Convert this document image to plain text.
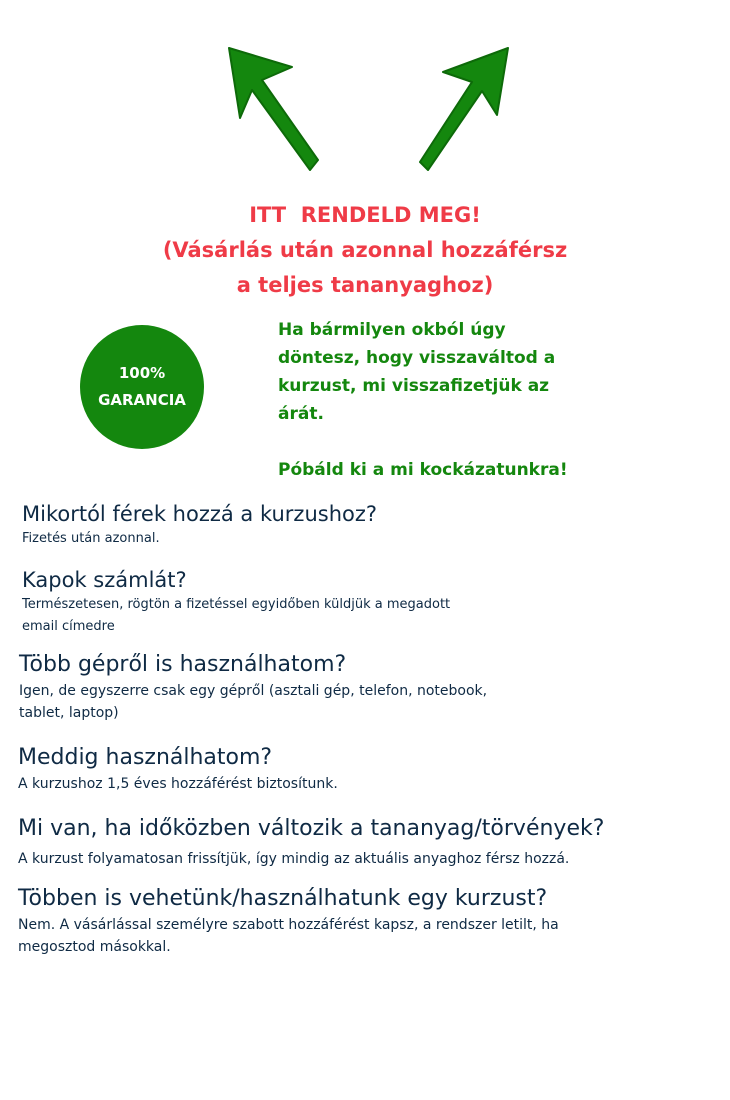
ITT  RENDELD MEG!
(Vásárlás után azonnal hozzáférsz
a teljes tananyaghoz)
100%
GARANCIA
Ha bármilyen okból úgy
döntesz, hogy visszaváltod a
kurzust, mi visszafizetjük az
árát.
Póbáld ki a mi kockázatunkra!
Mikortól férek hozzá a kurzushoz?
Fizetés után azonnal.
Kapok számlát?
Természetesen, rögtön a fizetéssel egyidőben küldjük a megadott
email címedre
Több gépről is használhatom?
Igen, de egyszerre csak egy gépről (asztali gép, telefon, notebook,
tablet, laptop)
Meddig használhatom?
A kurzushoz 1,5 éves hozzáférést biztosítunk.
Mi van, ha időközben változik a tananyag/törvények?
A kurzust folyamatosan frissítjük, így mindig az aktuális anyaghoz férsz hozzá.
Többen is vehetünk/használhatunk egy kurzust?
Nem. A vásárlással személyre szabott hozzáférést kapsz, a rendszer letilt, ha
megosztod másokkal.
